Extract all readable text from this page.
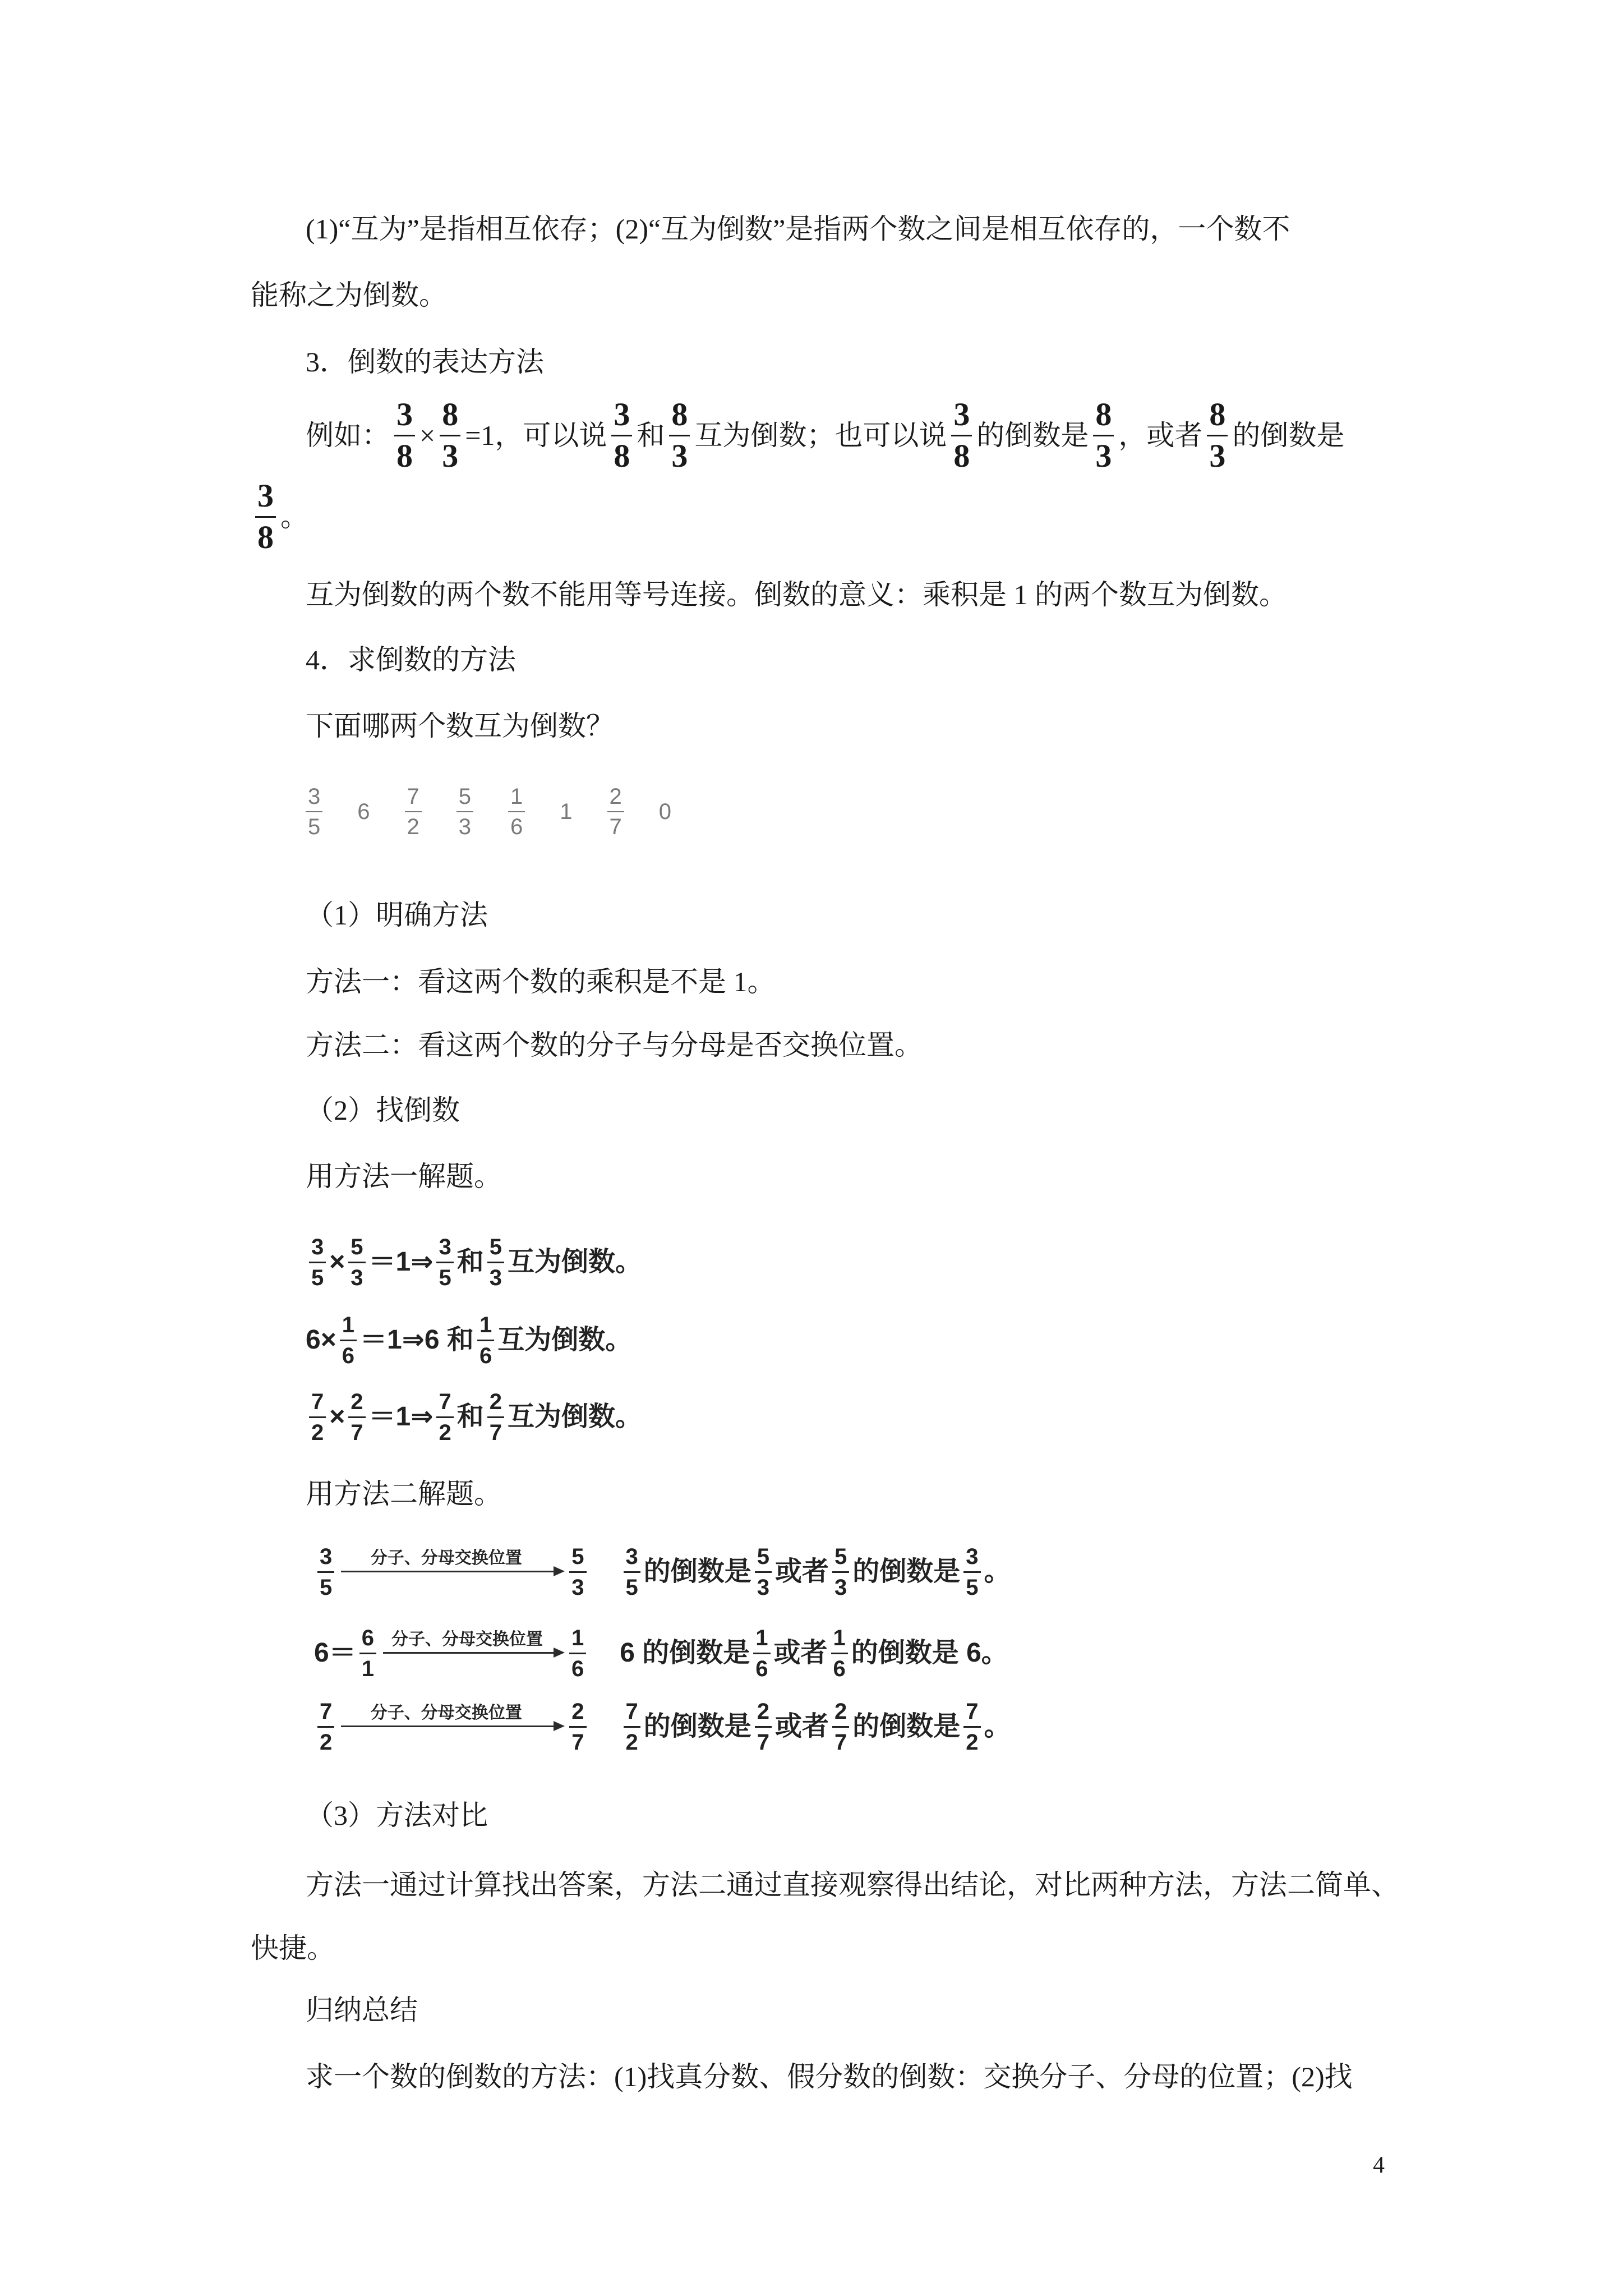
(1)“互为”是指相互依存；(2)“互为倒数”是指两个数之间是相互依存的，一个数不
能称之为倒数。
3．倒数的表达方法
例如： $\frac{3}{8} \times \frac{8}{3} =1$，可以说 $\frac{3}{8}$ 和 $\frac{8}{3}$ 互为倒数；也可以说 $\frac{3}{8}$ 的倒数是 $\frac{8}{3}$ ，或者 $\frac{8}{3}$ 的倒数是
$\frac{3}{8}$ 。
互为倒数的两个数不能用等号连接。倒数的意义：乘积是 1 的两个数互为倒数。
4．求倒数的方法
下面哪两个数互为倒数？
$\frac{3}{5} 6 \frac{7}{2} \frac{5}{3} \frac{1}{6} 1 \frac{2}{7} 0$
（1）明确方法
方法一：看这两个数的乘积是不是 1。
方法二：看这两个数的分子与分母是否交换位置。
（2）找倒数
用方法一解题。
$\frac{3}{5} \times \frac{5}{3}$ ＝1⇒ $\frac{3}{5}$ 和 $\frac{5}{3}$ 互为倒数。
$6\times \frac{1}{6}$ ＝1⇒6 和 $\frac{1}{6}$ 互为倒数。
$\frac{7}{2} \times \frac{2}{7}$ ＝1⇒ $\frac{7}{2}$ 和 $\frac{2}{7}$ 互为倒数。
用方法二解题。
$\frac{3}{5}$	分子、分母交换位置	$\frac{5}{3} \frac{3}{5}$ 的倒数是 $\frac{5}{3}$ 或者 $\frac{5}{3}$ 的倒数是 $\frac{3}{5}$ 。
$6= \frac{6}{1}$ 分子、分母交换位置	$\frac{1}{6} 6$ 的倒数是 $\frac{1}{6}$ 或者 $\frac{1}{6}$ 的倒数是 6。
$\frac{7}{2}$	分子、分母交换位置	$\frac{2}{7} \frac{7}{2}$ 的倒数是 $\frac{2}{7}$ 或者 $\frac{2}{7}$ 的倒数是 $\frac{7}{2}$ 。
（3）方法对比
方法一通过计算找出答案，方法二通过直接观察得出结论，对比两种方法，方法二简单、
快捷。
归纳总结
求一个数的倒数的方法：(1)找真分数、假分数的倒数：交换分子、分母的位置；(2)找
4
